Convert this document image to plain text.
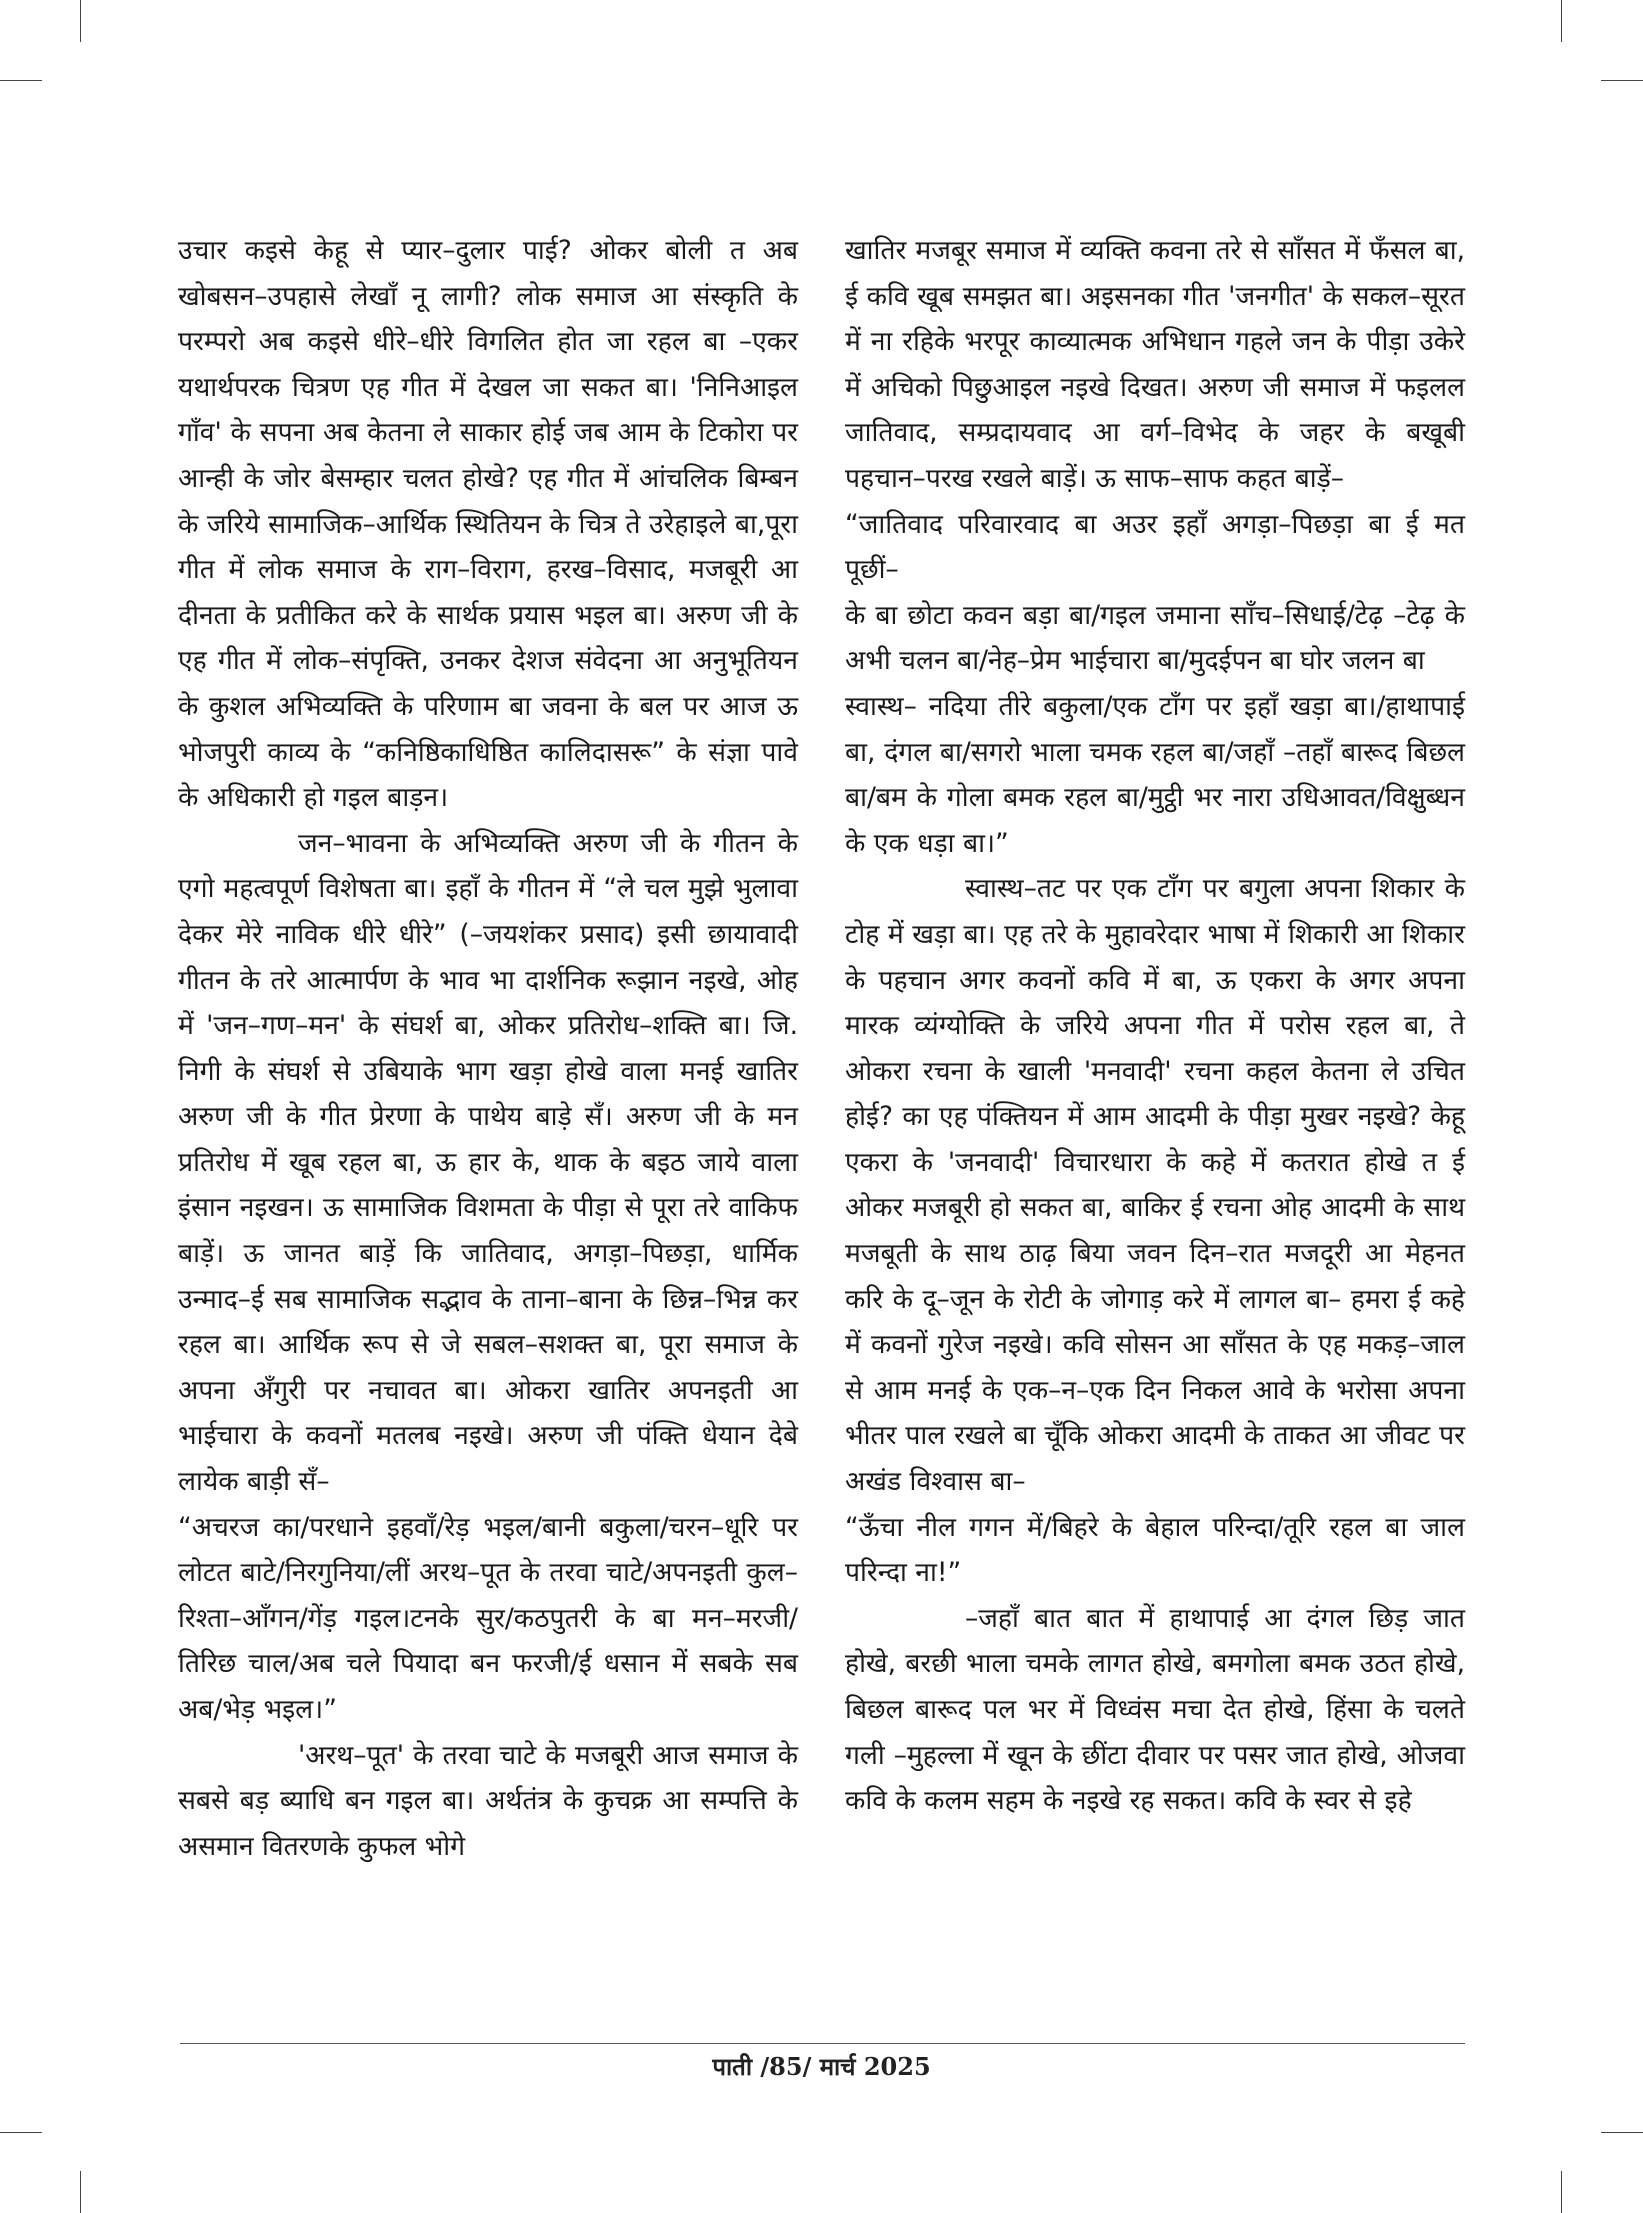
उचार कइसे केहू से प्यार–दुलार पाई? ओकर बोली त अब खोबसन–उपहासे लेखाँ नू लागी? लोक समाज आ संस्कृति के परम्परो अब कइसे धीरे–धीरे विगलित होत जा रहल बा –एकर यथार्थपरक चित्रण एह गीत में देखल जा सकत बा। 'निनिआइल गाँव' के सपना अब केतना ले साकार होई जब आम के टिकोरा पर आन्ही के जोर बेसम्हार चलत होखे? एह गीत में आंचलिक बिम्बन के जरिये सामाजिक–आर्थिक स्थितियन के चित्र ते उरेहाइले बा,पूरा गीत में लोक समाज के राग–विराग, हरख–विसाद, मजबूरी आ दीनता के प्रतीकित करे के सार्थक प्रयास भइल बा। अरुण जी के एह गीत में लोक–संपृक्ति, उनकर देशज संवेदना आ अनुभूतियन के कुशल अभिव्यक्ति के परिणाम बा जवना के बल पर आज ऊ भोजपुरी काव्य के “कनिष्ठिकाधिष्ठित कालिदासरू” के संज्ञा पावे के अधिकारी हो गइल बाड़न।

जन–भावना के अभिव्यक्ति अरुण जी के गीतन के एगो महत्वपूर्ण विशेषता बा। इहाँ के गीतन में “ले चल मुझे भुलावा देकर मेरे नाविक धीरे धीरे” (–जयशंकर प्रसाद) इसी छायावादी गीतन के तरे आत्मार्पण के भाव भा दार्शनिक रूझान नइखे, ओह में 'जन–गण–मन' के संघर्श बा, ओकर प्रतिरोध–शक्ति बा। जि. निगी के संघर्श से उबियाके भाग खड़ा होखे वाला मनई खातिर अरुण जी के गीत प्रेरणा के पाथेय बाड़े सँ। अरुण जी के मन प्रतिरोध में खूब रहल बा, ऊ हार के, थाक के बइठ जाये वाला इंसान नइखन। ऊ सामाजिक विशमता के पीड़ा से पूरा तरे वाकिफ बाड़ें। ऊ जानत बाड़ें कि जातिवाद, अगड़ा–पिछड़ा, धार्मिक उन्माद–ई सब सामाजिक सद्भाव के ताना–बाना के छिन्न–भिन्न कर रहल बा। आर्थिक रूप से जे सबल–सशक्त बा, पूरा समाज के अपना अँगुरी पर नचावत बा। ओकरा खातिर अपनइती आ भाईचारा के कवनों मतलब नइखे। अरुण जी पंक्ति धेयान देबे लायेक बाड़ी सँ–

“अचरज का/परधाने इहवाँ/रेड़ भइल/बानी बकुला/चरन–धूरि पर लोटत बाटे/निरगुनिया/लीं अरथ–पूत के तरवा चाटे/अपनइती कुल–रिश्ता–आँगन/गेंड़ गइल।टनके सुर/कठपुतरी के बा मन–मरजी/तिरिछ चाल/अब चले पियादा बन फरजी/ई धसान में सबके सब अब/भेड़ भइल।”

'अरथ–पूत' के तरवा चाटे के मजबूरी आज समाज के सबसे बड़ ब्याधि बन गइल बा। अर्थतंत्र के कुचक्र आ सम्पत्ति के असमान वितरणके कुफल भोगे

खातिर मजबूर समाज में व्यक्ति कवना तरे से साँसत में फँसल बा, ई कवि खूब समझत बा। अइसनका गीत 'जनगीत' के सकल–सूरत में ना रहिके भरपूर काव्यात्मक अभिधान गहले जन के पीड़ा उकेरे में अचिको पिछुआइल नइखे दिखत। अरुण जी समाज में फइलल जातिवाद, सम्प्रदायवाद आ वर्ग–विभेद के जहर के बखूबी पहचान–परख रखले बाड़ें। ऊ साफ–साफ कहत बाड़ें–

“जातिवाद परिवारवाद बा अउर इहाँ अगड़ा–पिछड़ा बा ई मत पूछीं–

के बा छोटा कवन बड़ा बा/गइल जमाना साँच–सिधाई/टेढ़ –टेढ़ के अभी चलन बा/नेह–प्रेम भाईचारा बा/मुदईपन बा घोर जलन बा

स्वास्थ– नदिया तीरे बकुला/एक टाँग पर इहाँ खड़ा बा।/हाथापाई बा, दंगल बा/सगरो भाला चमक रहल बा/जहाँ –तहाँ बारूद बिछल बा/बम के गोला बमक रहल बा/मुट्ठी भर नारा उधिआवत/विक्षुब्धन के एक धड़ा बा।”

स्वास्थ–तट पर एक टाँग पर बगुला अपना शिकार के टोह में खड़ा बा। एह तरे के मुहावरेदार भाषा में शिकारी आ शिकार के पहचान अगर कवनों कवि में बा, ऊ एकरा के अगर अपना मारक व्यंग्योक्ति के जरिये अपना गीत में परोस रहल बा, ते ओकरा रचना के खाली 'मनवादी' रचना कहल केतना ले उचित होई? का एह पंक्तियन में आम आदमी के पीड़ा मुखर नइखे? केहू एकरा के 'जनवादी' विचारधारा के कहे में कतरात होखे त ई ओकर मजबूरी हो सकत बा, बाकिर ई रचना ओह आदमी के साथ मजबूती के साथ ठाढ़ बिया जवन दिन–रात मजदूरी आ मेहनत करि के दू–जून के रोटी के जोगाड़ करे में लागल बा– हमरा ई कहे में कवनों गुरेज नइखे। कवि सोसन आ साँसत के एह मकड़–जाल से आम मनई के एक–न–एक दिन निकल आवे के भरोसा अपना भीतर पाल रखले बा चूँकि ओकरा आदमी के ताकत आ जीवट पर अखंड विश्वास बा–

“ऊँचा नील गगन में/बिहरे के बेहाल परिन्दा/तूरि रहल बा जाल परिन्दा ना!”

–जहाँ बात बात में हाथापाई आ दंगल छिड़ जात होखे, बरछी भाला चमके लागत होखे, बमगोला बमक उठत होखे, बिछल बारूद पल भर में विध्वंस मचा देत होखे, हिंसा के चलते गली –मुहल्ला में खून के छींटा दीवार पर पसर जात होखे, ओजवा कवि के कलम सहम के नइखे रह सकत। कवि के स्वर से इहे

पाती /85/ मार्च 2025
